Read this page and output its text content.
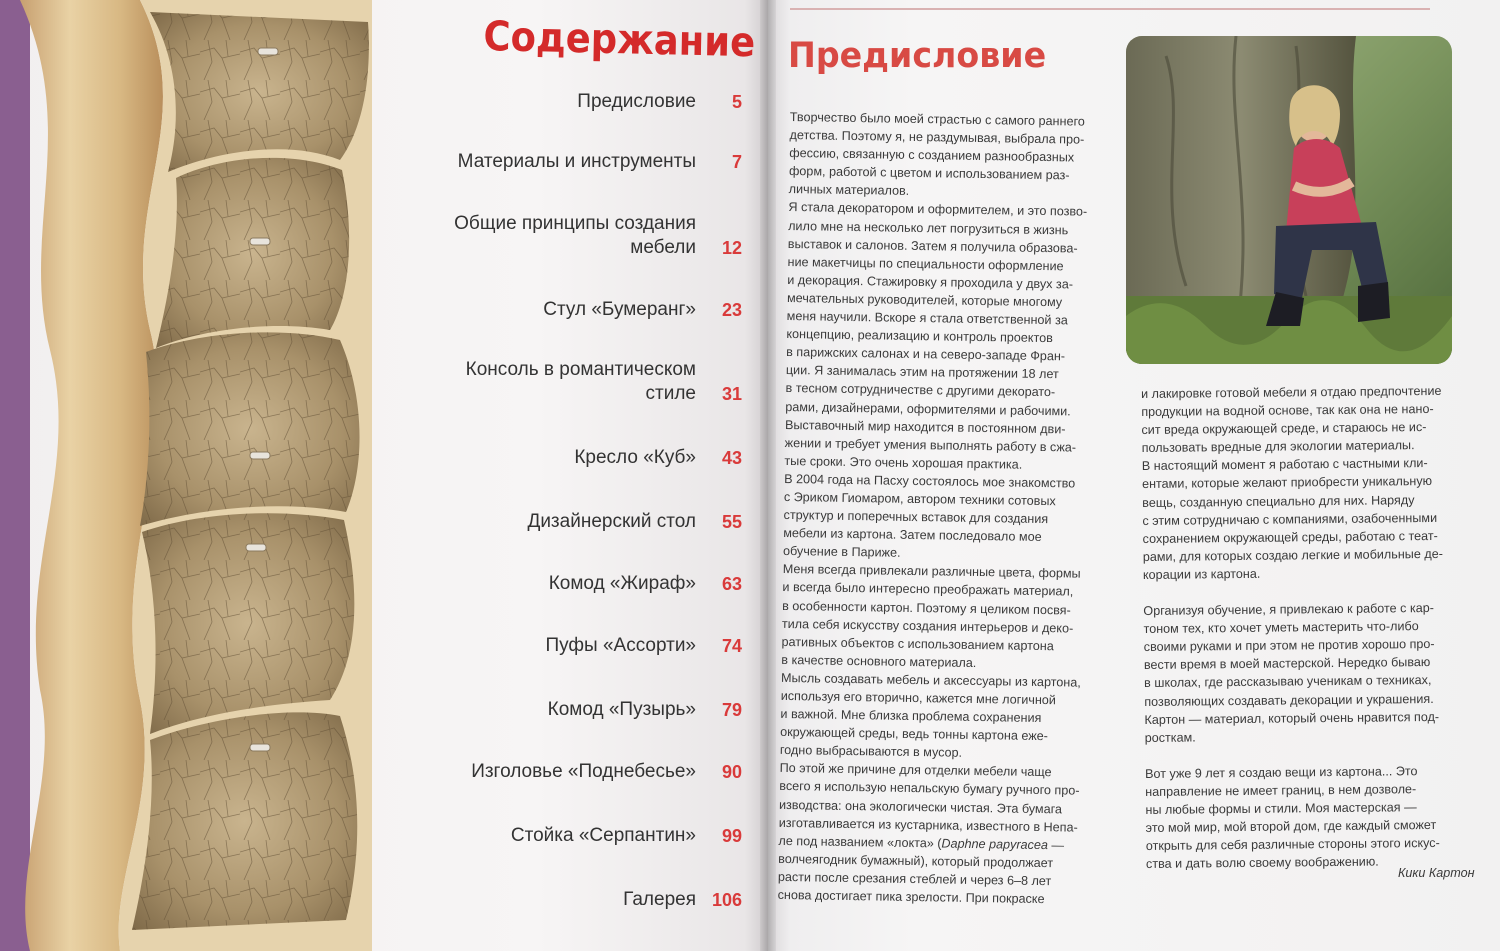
Содержание
Предисловие	5
Материалы и инструменты	7
Общие принципы создания
мебели	12
Стул «Бумеранг»	23
Консоль в романтическом
стиле	31
Кресло «Куб»	43
Дизайнерский стол	55
Комод «Жираф»	63
Пуфы «Ассорти»	74
Комод «Пузырь»	79
Изголовье «Поднебесье»	90
Стойка «Серпантин»	99
Галерея 106
Предисловие

Творчество было моей страстью с самого раннего

детства. Поэтому я, не раздумывая, выбрала про-

фессию, связанную с созданием разнообразных

форм, работой с цветом и использованием раз-

личных материалов.

Я стала декоратором и оформителем, и это позво-

лило мне на несколько лет погрузиться в жизнь

выставок и салонов. Затем я получила образова-

ние макетчицы по специальности оформление

и декорация. Стажировку я проходила у двух за-

мечательных руководителей, которые многому

меня научили. Вскоре я стала ответственной за

концепцию, реализацию и контроль проектов

в парижских салонах и на северо-западе Фран-

ции. Я занималась этим на протяжении 18 лет

в тесном сотрудничестве с другими декорато-

рами, дизайнерами, оформителями и рабочими.

Выставочный мир находится в постоянном дви-

жении и требует умения выполнять работу в сжа-

тые сроки. Это очень хорошая практика.

В 2004 года на Паcху состоялось мое знакомство

с Эриком Гиомаром, автором техники сотовых

структур и поперечных вставок для создания

мебели из картона. Затем последовало мое

обучение в Париже.

Меня всегда привлекали различные цвета, формы

и всегда было интересно преображать материал,

в особенности картон. Поэтому я целиком посвя-

тила себя искусству создания интерьеров и деко-

ративных объектов с использованием картона

в качестве основного материала.

Мысль создавать мебель и аксессуары из картона,

используя его вторично, кажется мне логичной

и важной. Мне близка проблема сохранения

окружающей среды, ведь тонны картона еже-

годно выбрасываются в мусор.

По этой же причине для отделки мебели чаще

всего я использую непальскую бумагу ручного про-

изводства: она экологически чистая. Эта бумага

изготавливается из кустарника, известного в Непа-

ле под названием «локта» (Daphne papyracea —

волчеягодник бумажный), который продолжает

расти после срезания стеблей и через 6–8 лет

снова достигает пика зрелости. При покраске

и лакировке готовой мебели я отдаю предпочтение

продукции на водной основе, так как она не нано-

сит вреда окружающей среде, и стараюсь не ис-

пользовать вредные для экологии материалы.

В настоящий момент я работаю с частными кли-

ентами, которые желают приобрести уникальную

вещь, созданную специально для них. Наряду

с этим сотрудничаю с компаниями, озабоченными

сохранением окружающей среды, работаю с теат-

рами, для которых создаю легкие и мобильные де-

корации из картона.

Организуя обучение, я привлекаю к работе с кар-

тоном тех, кто хочет уметь мастерить что-либо

своими руками и при этом не против хорошо про-

вести время в моей мастерской. Нередко бываю

в школах, где рассказываю ученикам о техниках,

позволяющих создавать декорации и украшения.

Картон — материал, который очень нравится под-

росткам.

Вот уже 9 лет я создаю вещи из картона... Это

направление не имеет границ, в нем дозволе-

ны любые формы и стили. Моя мастерская —

это мой мир, мой второй дом, где каждый сможет

открыть для себя различные стороны этого искус-

ства и дать волю своему воображению.

Кики Картон
